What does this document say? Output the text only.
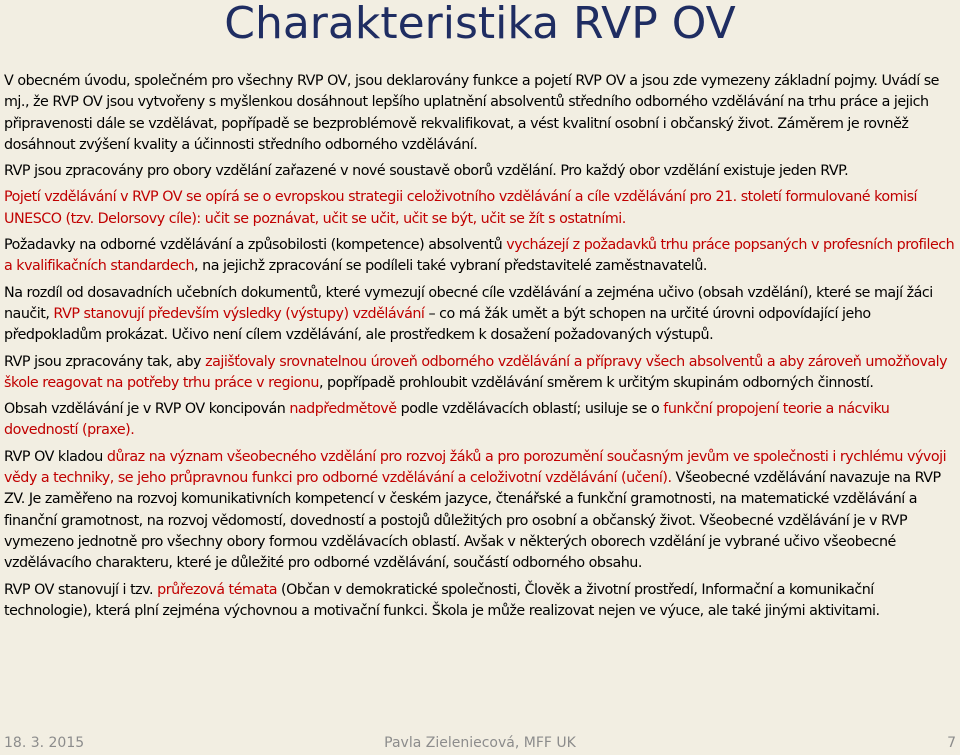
Charakteristika RVP OV

V obecném úvodu, společném pro všechny RVP OV, jsou deklarovány funkce a pojetí RVP OV a jsou zde vymezeny základní pojmy. Uvádí se mj., že RVP OV jsou vytvořeny s myšlenkou dosáhnout lepšího uplatnění absolventů středního odborného vzdělávání na trhu práce a jejich připravenosti dále se vzdělávat, popřípadě se bezproblémově rekvalifikovat, a vést kvalitní osobní i občanský život. Záměrem je rovněž dosáhnout zvýšení kvality a účinnosti středního odborného vzdělávání.

RVP jsou zpracovány pro obory vzdělání zařazené v nové soustavě oborů vzdělání. Pro každý obor vzdělání existuje jeden RVP.

Pojetí vzdělávání v RVP OV se opírá se o evropskou strategii celoživotního vzdělávání a cíle vzdělávání pro 21. století formulované komisí UNESCO (tzv. Delorsovy cíle): učit se poznávat, učit se učit, učit se být, učit se žít s ostatními.

Požadavky na odborné vzdělávání a způsobilosti (kompetence) absolventů vycházejí z požadavků trhu práce popsaných v profesních profilech a kvalifikačních standardech, na jejichž zpracování se podíleli také vybraní představitelé zaměstnavatelů.

Na rozdíl od dosavadních učebních dokumentů, které vymezují obecné cíle vzdělávání a zejména učivo (obsah vzdělání), které se mají žáci naučit, RVP stanovují především výsledky (výstupy) vzdělávání – co má žák umět a být schopen na určité úrovni odpovídající jeho předpokladům prokázat. Učivo není cílem vzdělávání, ale prostředkem k dosažení požadovaných výstupů.

RVP jsou zpracovány tak, aby zajišťovaly srovnatelnou úroveň odborného vzdělávání a přípravy všech absolventů a aby zároveň umožňovaly škole reagovat na potřeby trhu práce v regionu, popřípadě prohloubit vzdělávání směrem k určitým skupinám odborných činností.

Obsah vzdělávání je v RVP OV koncipován nadpředmětově podle vzdělávacích oblastí; usiluje se o funkční propojení teorie a nácviku dovedností (praxe).

RVP OV kladou důraz na význam všeobecného vzdělání pro rozvoj žáků a pro porozumění současným jevům ve společnosti i rychlému vývoji vědy a techniky, se jeho průpravnou funkci pro odborné vzdělávání a celoživotní vzdělávání (učení). Všeobecné vzdělávání navazuje na RVP ZV. Je zaměřeno na rozvoj komunikativních kompetencí v českém jazyce, čtenářské a funkční gramotnosti, na matematické vzdělávání a finanční gramotnost, na rozvoj vědomostí, dovedností a postojů důležitých pro osobní a občanský život. Všeobecné vzdělávání je v RVP vymezeno jednotně pro všechny obory formou vzdělávacích oblastí. Avšak v některých oborech vzdělání je vybrané učivo všeobecné vzdělávacího charakteru, které je důležité pro odborné vzdělávání, součástí odborného obsahu.

RVP OV stanovují i tzv. průřezová témata (Občan v demokratické společnosti, Člověk a životní prostředí, Informační a komunikační technologie), která plní zejména výchovnou a motivační funkci. Škola je může realizovat nejen ve výuce, ale také jinými aktivitami.

18. 3. 2015	Pavla Zieleniecová, MFF UK	7
